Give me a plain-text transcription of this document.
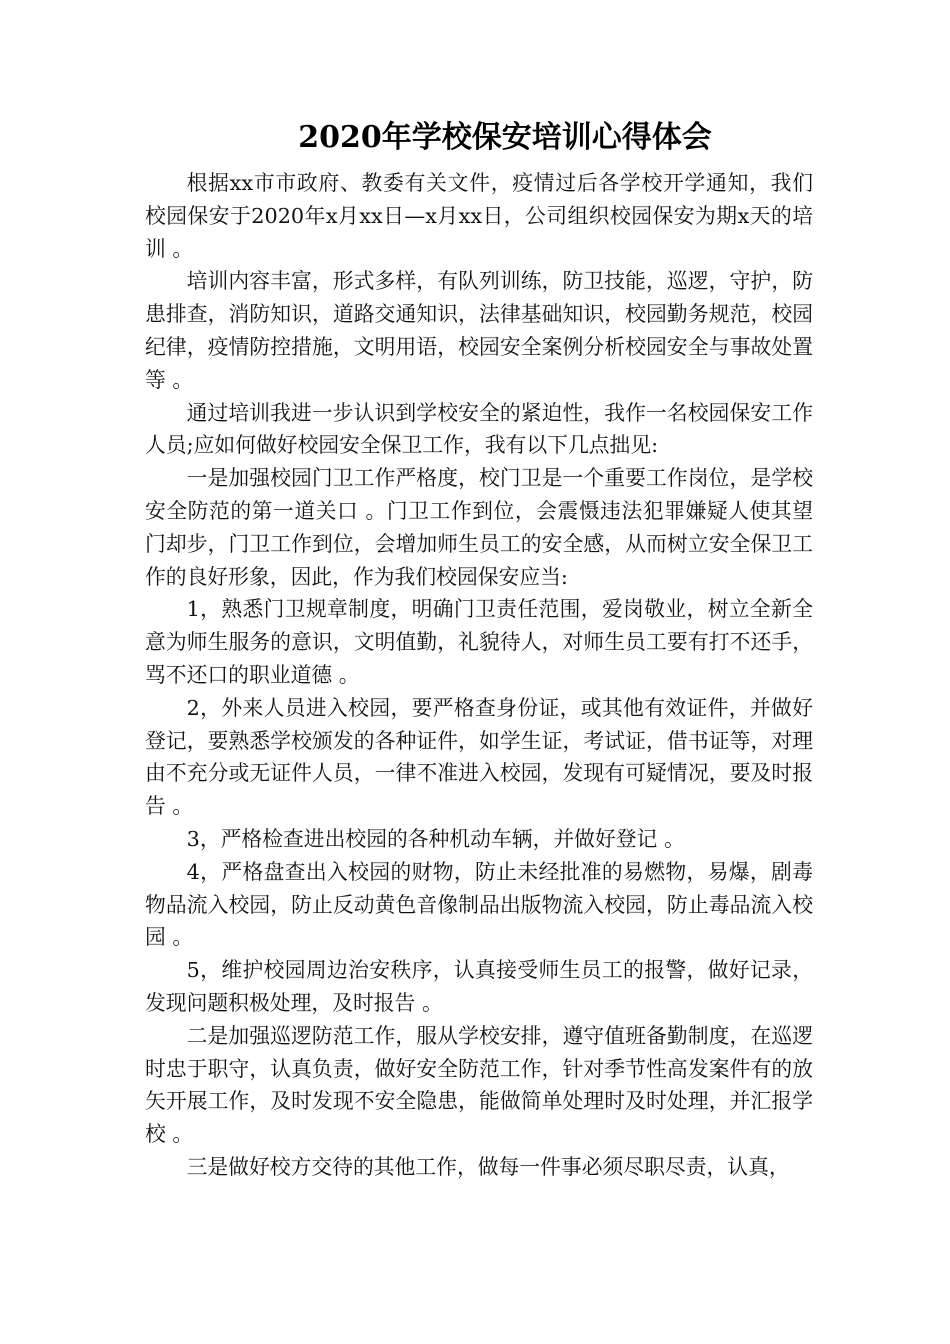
2020年学校保安培训心得体会

根据xx市市政府、教委有关文件，疫情过后各学校开学通知，我们校园保安于2020年x月xx日—x月xx日，公司组织校园保安为期x天的培训 。

培训内容丰富，形式多样，有队列训练，防卫技能，巡逻，守护，防患排查，消防知识，道路交通知识，法律基础知识，校园勤务规范，校园纪律，疫情防控措施，文明用语，校园安全案例分析校园安全与事故处置等 。

通过培训我进一步认识到学校安全的紧迫性，我作一名校园保安工作人员;应如何做好校园安全保卫工作，我有以下几点拙见:

一是加强校园门卫工作严格度，校门卫是一个重要工作岗位，是学校安全防范的第一道关口 。门卫工作到位，会震慑违法犯罪嫌疑人使其望门却步，门卫工作到位，会增加师生员工的安全感，从而树立安全保卫工作的良好形象，因此，作为我们校园保安应当:

1，熟悉门卫规章制度，明确门卫责任范围，爱岗敬业，树立全新全意为师生服务的意识，文明值勤，礼貌待人，对师生员工要有打不还手，骂不还口的职业道德 。

2，外来人员进入校园，要严格查身份证，或其他有效证件，并做好登记，要熟悉学校颁发的各种证件，如学生证，考试证，借书证等，对理由不充分或无证件人员，一律不准进入校园，发现有可疑情况，要及时报告 。

3，严格检查进出校园的各种机动车辆，并做好登记 。

4，严格盘查出入校园的财物，防止未经批准的易燃物，易爆，剧毒物品流入校园，防止反动黄色音像制品出版物流入校园，防止毒品流入校园 。

5，维护校园周边治安秩序，认真接受师生员工的报警，做好记录，发现问题积极处理，及时报告 。

二是加强巡逻防范工作，服从学校安排，遵守值班备勤制度，在巡逻时忠于职守，认真负责，做好安全防范工作，针对季节性高发案件有的放矢开展工作，及时发现不安全隐患，能做简单处理时及时处理，并汇报学校 。

三是做好校方交待的其他工作，做每一件事必须尽职尽责，认真，
